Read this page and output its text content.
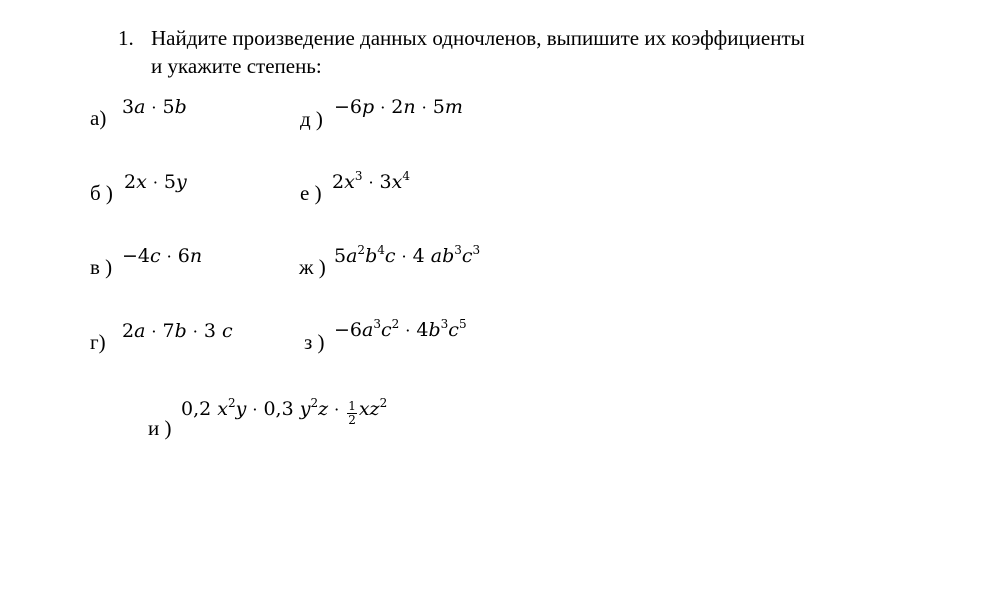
1. Найдите произведение данных одночленов, выпишите их коэффициенты
и укажите степень:
а) 3a · 5b	д ) −6p · 2n · 5m
б ) 2x · 5y	е ) $2x^3 \cdot 3x^4$
в ) −4c · 6n	ж ) $5a^2b^4c \cdot 4$ $ab^3c^3$
г) 2a · 7b · 3 c	з ) $-6a^3c^2 \cdot 4b^3c^5$
и )
0,2 $x^2y \cdot 0,3$ $y^2z \cdot \frac{1}{2} xz^2$
